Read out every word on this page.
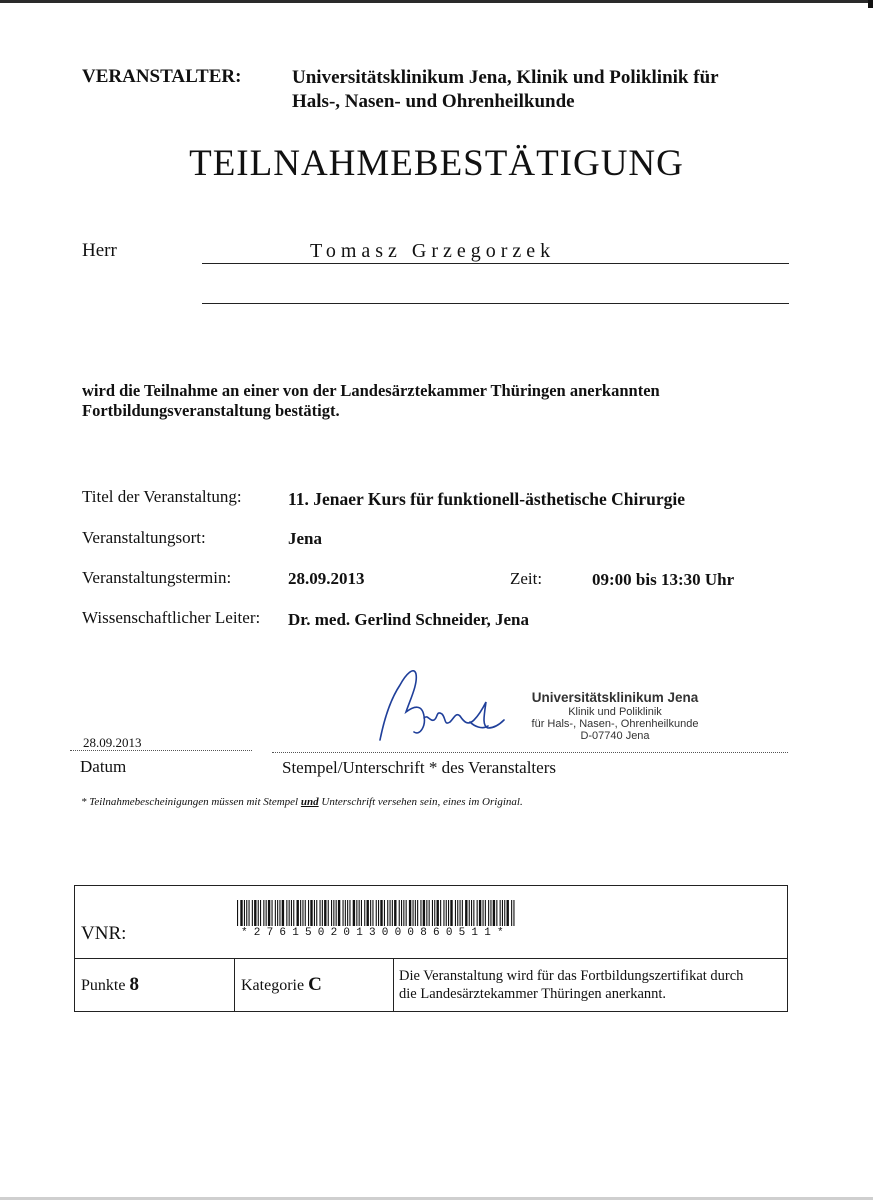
VERANSTALTER:	Universitätsklinikum Jena, Klinik und Poliklinik für
Hals-, Nasen- und Ohrenheilkunde
TEILNAHMEBESTÄTIGUNG
Herr	Tomasz Grzegorzek
wird die Teilnahme an einer von der Landesärztekammer Thüringen anerkannten
Fortbildungsveranstaltung bestätigt.
Titel der Veranstaltung:	11. Jenaer Kurs für funktionell-ästhetische Chirurgie
Veranstaltungsort:	Jena
Veranstaltungstermin:	28.09.2013	Zeit:	09:00 bis 13:30 Uhr
Wissenschaftlicher Leiter: Dr. med. Gerlind Schneider, Jena
Universitätsklinikum Jena
Klinik und Poliklinik
für Hals-, Nasen-, Ohrenheilkunde
D-07740 Jena
28.09.2013
Datum	Stempel/Unterschrift * des Veranstalters
* Teilnahmebescheinigungen müssen mit Stempel und Unterschrift versehen sein, eines im Original.
VNR:	*2761502013000860511*

Punkte 8	Kategorie C	Die Veranstaltung wird für das Fortbildungszertifikat durch
die Landesärztekammer Thüringen anerkannt.
